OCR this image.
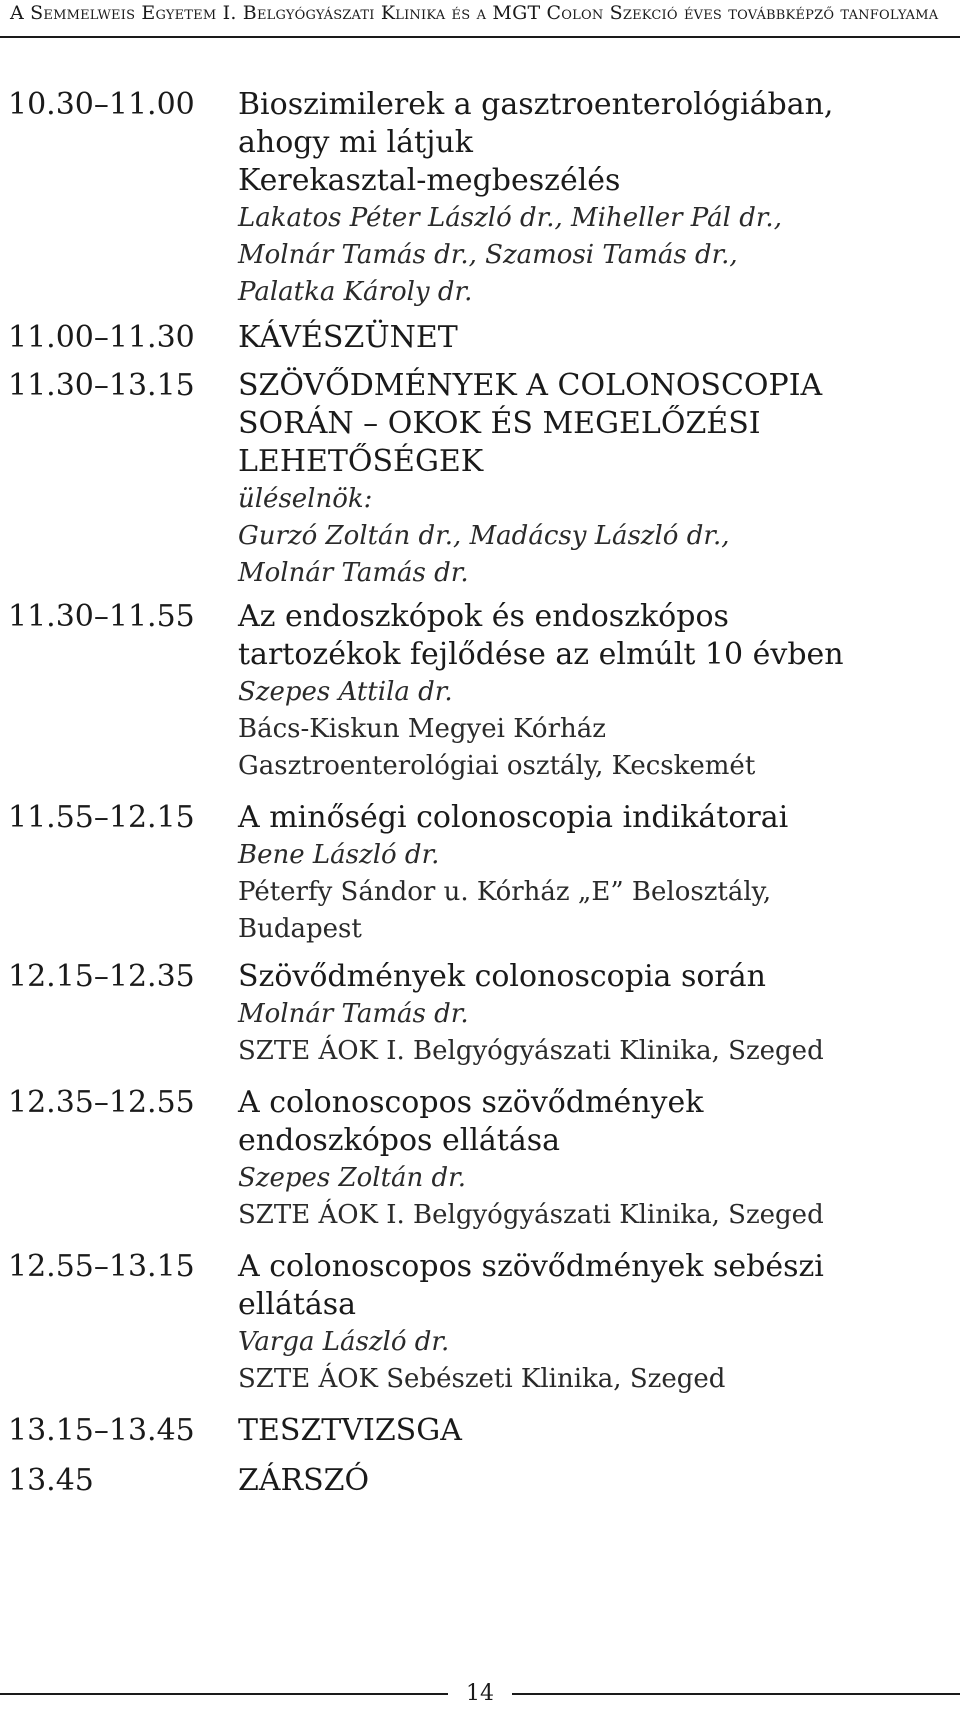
A Semmelweis Egyetem I. Belgyógyászati Klinika és a MGT Colon Szekció éves továbbképző tanfolyama
10.30–11.00	Bioszimilerek a gasztroenterológiában,
ahogy mi látjuk
Kerekasztal-megbeszélés
Lakatos Péter László dr., Miheller Pál dr.,
Molnár Tamás dr., Szamosi Tamás dr.,
Palatka Károly dr.
11.00–11.30	KÁVÉSZÜNET
11.30–13.15	SZÖVŐDMÉNYEK A COLONOSCOPIA
SORÁN – OKOK ÉS MEGELŐZÉSI
LEHETŐSÉGEK
üléselnök:
Gurzó Zoltán dr., Madácsy László dr.,
Molnár Tamás dr.
11.30–11.55	Az endoszkópok és endoszkópos
tartozékok fejlődése az elmúlt 10 évben
Szepes Attila dr.
Bács-Kiskun Megyei Kórház
Gasztroenterológiai osztály, Kecskemét
11.55–12.15	A minőségi colonoscopia indikátorai
Bene László dr.
Péterfy Sándor u. Kórház „E” Belosztály,
Budapest
12.15–12.35	Szövődmények colonoscopia során
Molnár Tamás dr.
SZTE ÁOK I. Belgyógyászati Klinika, Szeged
12.35–12.55	A colonoscopos szövődmények
endoszkópos ellátása
Szepes Zoltán dr.
SZTE ÁOK I. Belgyógyászati Klinika, Szeged
12.55–13.15	A colonoscopos szövődmények sebészi
ellátása
Varga László dr.
SZTE ÁOK Sebészeti Klinika, Szeged
13.15–13.45	TESZTVIZSGA
13.45	ZÁRSZÓ
14
